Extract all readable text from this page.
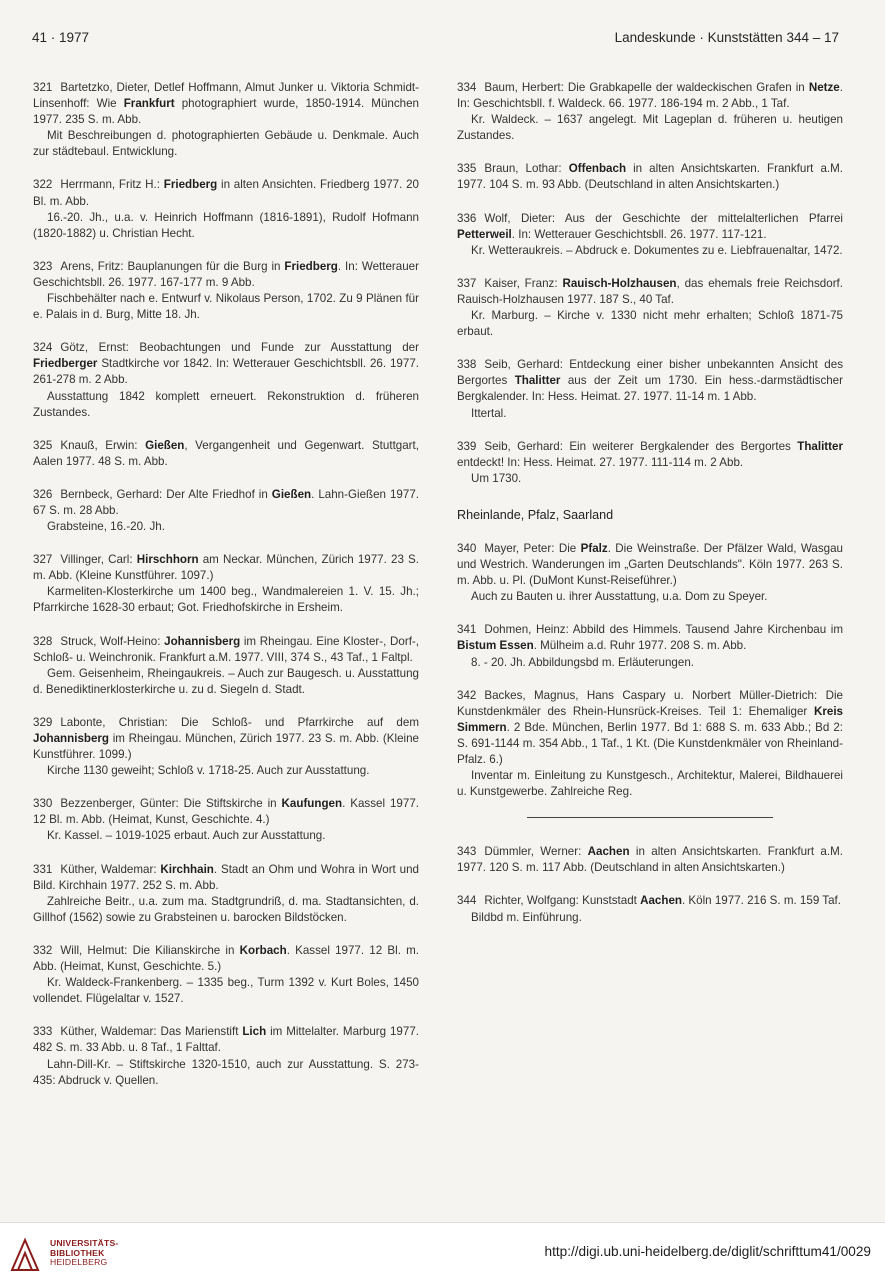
41 · 1977	Landeskunde · Kunststätten 344 – 17

321 Bartetzko, Dieter, Detlef Hoffmann, Almut Junker u. Viktoria Schmidt-Linsenhoff: Wie Frankfurt photographiert wurde, 1850-1914. München 1977. 235 S. m. Abb.

Mit Beschreibungen d. photographierten Gebäude u. Denkmale. Auch zur städtebaul. Entwicklung.

322 Herrmann, Fritz H.: Friedberg in alten Ansichten. Friedberg 1977. 20 Bl. m. Abb.

16.-20. Jh., u.a. v. Heinrich Hoffmann (1816-1891), Rudolf Hofmann (1820-1882) u. Christian Hecht.

323 Arens, Fritz: Bauplanungen für die Burg in Friedberg. In: Wetterauer Geschichtsbll. 26. 1977. 167-177 m. 9 Abb.

Fischbehälter nach e. Entwurf v. Nikolaus Person, 1702. Zu 9 Plänen für e. Palais in d. Burg, Mitte 18. Jh.

324 Götz, Ernst: Beobachtungen und Funde zur Ausstattung der Friedberger Stadtkirche vor 1842. In: Wetterauer Geschichtsbll. 26. 1977. 261-278 m. 2 Abb.

Ausstattung 1842 komplett erneuert. Rekonstruktion d. früheren Zustandes.

325 Knauß, Erwin: Gießen, Vergangenheit und Gegenwart. Stuttgart, Aalen 1977. 48 S. m. Abb.

326 Bernbeck, Gerhard: Der Alte Friedhof in Gießen. Lahn-Gießen 1977. 67 S. m. 28 Abb.

Grabsteine, 16.-20. Jh.

327 Villinger, Carl: Hirschhorn am Neckar. München, Zürich 1977. 23 S. m. Abb. (Kleine Kunstführer. 1097.)

Karmeliten-Klosterkirche um 1400 beg., Wandmalereien 1. V. 15. Jh.; Pfarrkirche 1628-30 erbaut; Got. Friedhofskirche in Ersheim.

328 Struck, Wolf-Heino: Johannisberg im Rheingau. Eine Kloster-, Dorf-, Schloß- u. Weinchronik. Frankfurt a.M. 1977. VIII, 374 S., 43 Taf., 1 Faltpl.

Gem. Geisenheim, Rheingaukreis. – Auch zur Baugesch. u. Ausstattung d. Benediktinerklosterkirche u. zu d. Siegeln d. Stadt.

329 Labonte, Christian: Die Schloß- und Pfarrkirche auf dem Johannisberg im Rheingau. München, Zürich 1977. 23 S. m. Abb. (Kleine Kunstführer. 1099.)

Kirche 1130 geweiht; Schloß v. 1718-25. Auch zur Ausstattung.

330 Bezzenberger, Günter: Die Stiftskirche in Kaufungen. Kassel 1977. 12 Bl. m. Abb. (Heimat, Kunst, Geschichte. 4.)

Kr. Kassel. – 1019-1025 erbaut. Auch zur Ausstattung.

331 Küther, Waldemar: Kirchhain. Stadt an Ohm und Wohra in Wort und Bild. Kirchhain 1977. 252 S. m. Abb.

Zahlreiche Beitr., u.a. zum ma. Stadtgrundriß, d. ma. Stadtansichten, d. Gillhof (1562) sowie zu Grabsteinen u. barocken Bildstöcken.

332 Will, Helmut: Die Kilianskirche in Korbach. Kassel 1977. 12 Bl. m. Abb. (Heimat, Kunst, Geschichte. 5.)

Kr. Waldeck-Frankenberg. – 1335 beg., Turm 1392 v. Kurt Boles, 1450 vollendet. Flügelaltar v. 1527.

333 Küther, Waldemar: Das Marienstift Lich im Mittelalter. Marburg 1977. 482 S. m. 33 Abb. u. 8 Taf., 1 Falttaf.

Lahn-Dill-Kr. – Stiftskirche 1320-1510, auch zur Ausstattung. S. 273-435: Abdruck v. Quellen.

334 Baum, Herbert: Die Grabkapelle der waldeckischen Grafen in Netze. In: Geschichtsbll. f. Waldeck. 66. 1977. 186-194 m. 2 Abb., 1 Taf.

Kr. Waldeck. – 1637 angelegt. Mit Lageplan d. früheren u. heutigen Zustandes.

335 Braun, Lothar: Offenbach in alten Ansichtskarten. Frankfurt a.M. 1977. 104 S. m. 93 Abb. (Deutschland in alten Ansichtskarten.)

336 Wolf, Dieter: Aus der Geschichte der mittelalterlichen Pfarrei Petterweil. In: Wetterauer Geschichtsbll. 26. 1977. 117-121.

Kr. Wetteraukreis. – Abdruck e. Dokumentes zu e. Liebfrauenaltar, 1472.

337 Kaiser, Franz: Rauisch-Holzhausen, das ehemals freie Reichsdorf. Rauisch-Holzhausen 1977. 187 S., 40 Taf.

Kr. Marburg. – Kirche v. 1330 nicht mehr erhalten; Schloß 1871-75 erbaut.

338 Seib, Gerhard: Entdeckung einer bisher unbekannten Ansicht des Bergortes Thalitter aus der Zeit um 1730. Ein hess.-darmstädtischer Bergkalender. In: Hess. Heimat. 27. 1977. 11-14 m. 1 Abb.

Ittertal.

339 Seib, Gerhard: Ein weiterer Bergkalender des Bergortes Thalitter entdeckt! In: Hess. Heimat. 27. 1977. 111-114 m. 2 Abb.

Um 1730.

Rheinlande, Pfalz, Saarland

340 Mayer, Peter: Die Pfalz. Die Weinstraße. Der Pfälzer Wald, Wasgau und Westrich. Wanderungen im „Garten Deutschlands". Köln 1977. 263 S. m. Abb. u. Pl. (DuMont Kunst-Reiseführer.)

Auch zu Bauten u. ihrer Ausstattung, u.a. Dom zu Speyer.

341 Dohmen, Heinz: Abbild des Himmels. Tausend Jahre Kirchenbau im Bistum Essen. Mülheim a.d. Ruhr 1977. 208 S. m. Abb.

8. - 20. Jh. Abbildungsbd m. Erläuterungen.

342 Backes, Magnus, Hans Caspary u. Norbert Müller-Dietrich: Die Kunstdenkmäler des Rhein-Hunsrück-Kreises. Teil 1: Ehemaliger Kreis Simmern. 2 Bde. München, Berlin 1977. Bd 1: 688 S. m. 633 Abb.; Bd 2: S. 691-1144 m. 354 Abb., 1 Taf., 1 Kt. (Die Kunstdenkmäler von Rheinland-Pfalz. 6.)

Inventar m. Einleitung zu Kunstgesch., Architektur, Malerei, Bildhauerei u. Kunstgewerbe. Zahlreiche Reg.

343 Dümmler, Werner: Aachen in alten Ansichtskarten. Frankfurt a.M. 1977. 120 S. m. 117 Abb. (Deutschland in alten Ansichtskarten.)

344 Richter, Wolfgang: Kunststadt Aachen. Köln 1977. 216 S. m. 159 Taf.

Bildbd m. Einführung.

UNIVERSITÄTS-
BIBLIOTHEK
HEIDELBERG
http://digi.ub.uni-heidelberg.de/diglit/schrifttum41/0029
